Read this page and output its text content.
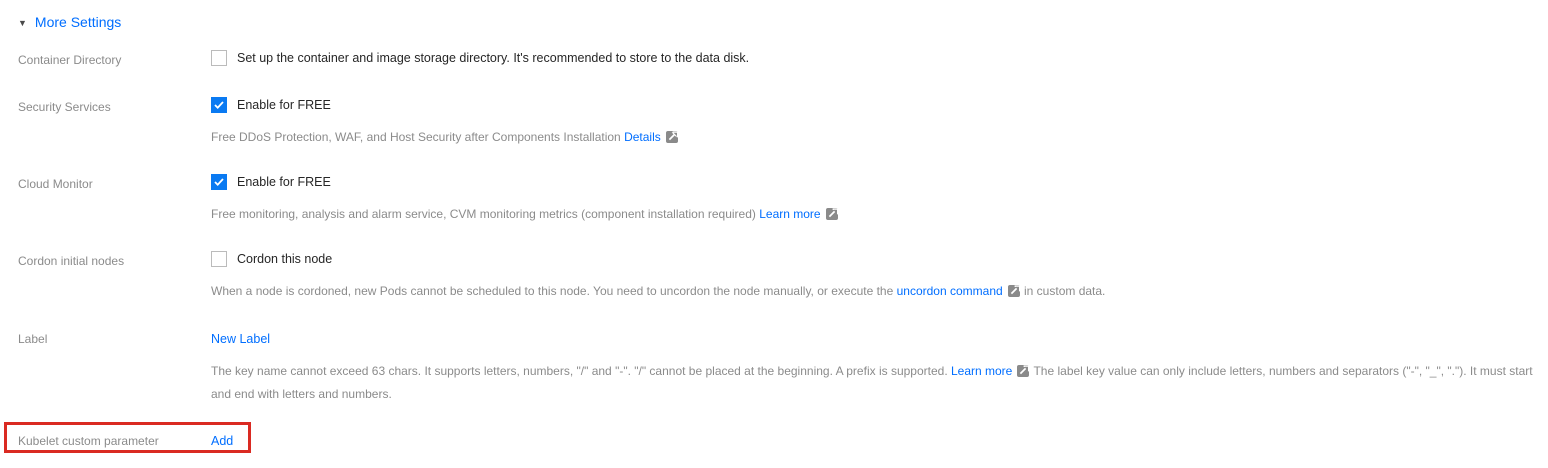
▼ More Settings
Container Directory	Set up the container and image storage directory. It's recommended to store to the data disk.
Security Services	Enable for FREE
Free DDoS Protection, WAF, and Host Security after Components Installation Details
Cloud Monitor	Enable for FREE
Free monitoring, analysis and alarm service, CVM monitoring metrics (component installation required) Learn more
Cordon initial nodes	Cordon this node
When a node is cordoned, new Pods cannot be scheduled to this node. You need to uncordon the node manually, or execute the uncordon command in custom data.
Label	New Label
The key name cannot exceed 63 chars. It supports letters, numbers, "/" and "-". "/" cannot be placed at the beginning. A prefix is supported. Learn more The label key value can only include letters, numbers and separators ("-", "_", "."). It must start and end with letters and numbers.
Kubelet custom parameter	Add
